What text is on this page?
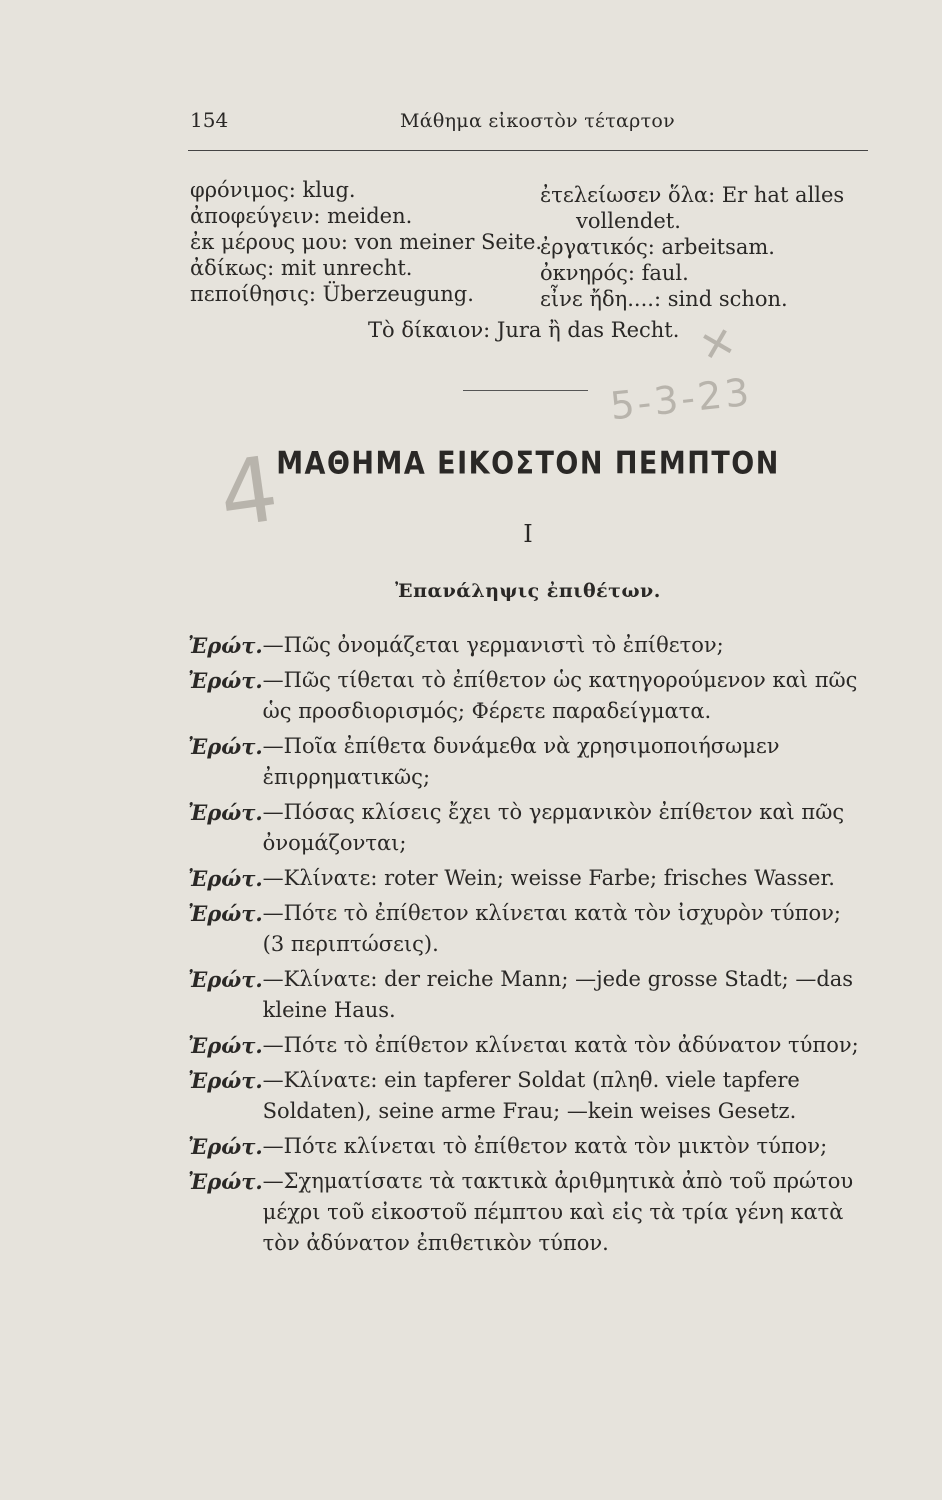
154	Μάθημα εἰκοστὸν τέταρτον
φρόνιμος: klug.
ἀποφεύγειν: meiden.
ἐκ μέρους μου: von meiner Seite.
ἀδίκως: mit unrecht.
πεποίθησις: Überzeugung.
ἐτελείωσεν ὅλα: Er hat alles
vollendet.
ἐργατικός: arbeitsam.
ὀκνηρός: faul.
εἶνε ἤδη....: sind schon.
Τὸ δίκαιον: Jura ἢ das Recht. ✕
5-3-23
4
ΜΑΘΗΜΑ ΕΙΚΟΣΤΟΝ ΠΕΜΠΤΟΝ
I
Ἐπανάληψις ἐπιθέτων.
Ἐρώτ. —Πῶς ὀνομάζεται γερμανιστὶ τὸ ἐπίθετον;
Ἐρώτ. —Πῶς τίθεται τὸ ἐπίθετον ὡς κατηγορούμενον καὶ πῶς ὡς προσδιορισμός; Φέρετε παραδείγματα.
Ἐρώτ. —Ποῖα ἐπίθετα δυνάμεθα νὰ χρησιμοποιήσωμεν ἐπιρρηματικῶς;
Ἐρώτ. —Πόσας κλίσεις ἔχει τὸ γερμανικὸν ἐπίθετον καὶ πῶς ὀνομάζονται;
Ἐρώτ. —Κλίνατε: roter Wein; weisse Farbe; frisches Wasser.
Ἐρώτ. —Πότε τὸ ἐπίθετον κλίνεται κατὰ τὸν ἰσχυρὸν τύπον; (3 περιπτώσεις).
Ἐρώτ. —Κλίνατε: der reiche Mann; —jede grosse Stadt; —das kleine Haus.
Ἐρώτ. —Πότε τὸ ἐπίθετον κλίνεται κατὰ τὸν ἀδύνατον τύπον;
Ἐρώτ. —Κλίνατε: ein tapferer Soldat (πληθ. viele tapfere Soldaten), seine arme Frau; —kein weises Gesetz.
Ἐρώτ. —Πότε κλίνεται τὸ ἐπίθετον κατὰ τὸν μικτὸν τύπον;
Ἐρώτ. —Σχηματίσατε τὰ τακτικὰ ἀριθμητικὰ ἀπὸ τοῦ πρώτου μέχρι τοῦ εἰκοστοῦ πέμπτου καὶ εἰς τὰ τρία γένη κατὰ τὸν ἀδύνατον ἐπιθετικὸν τύπον.
